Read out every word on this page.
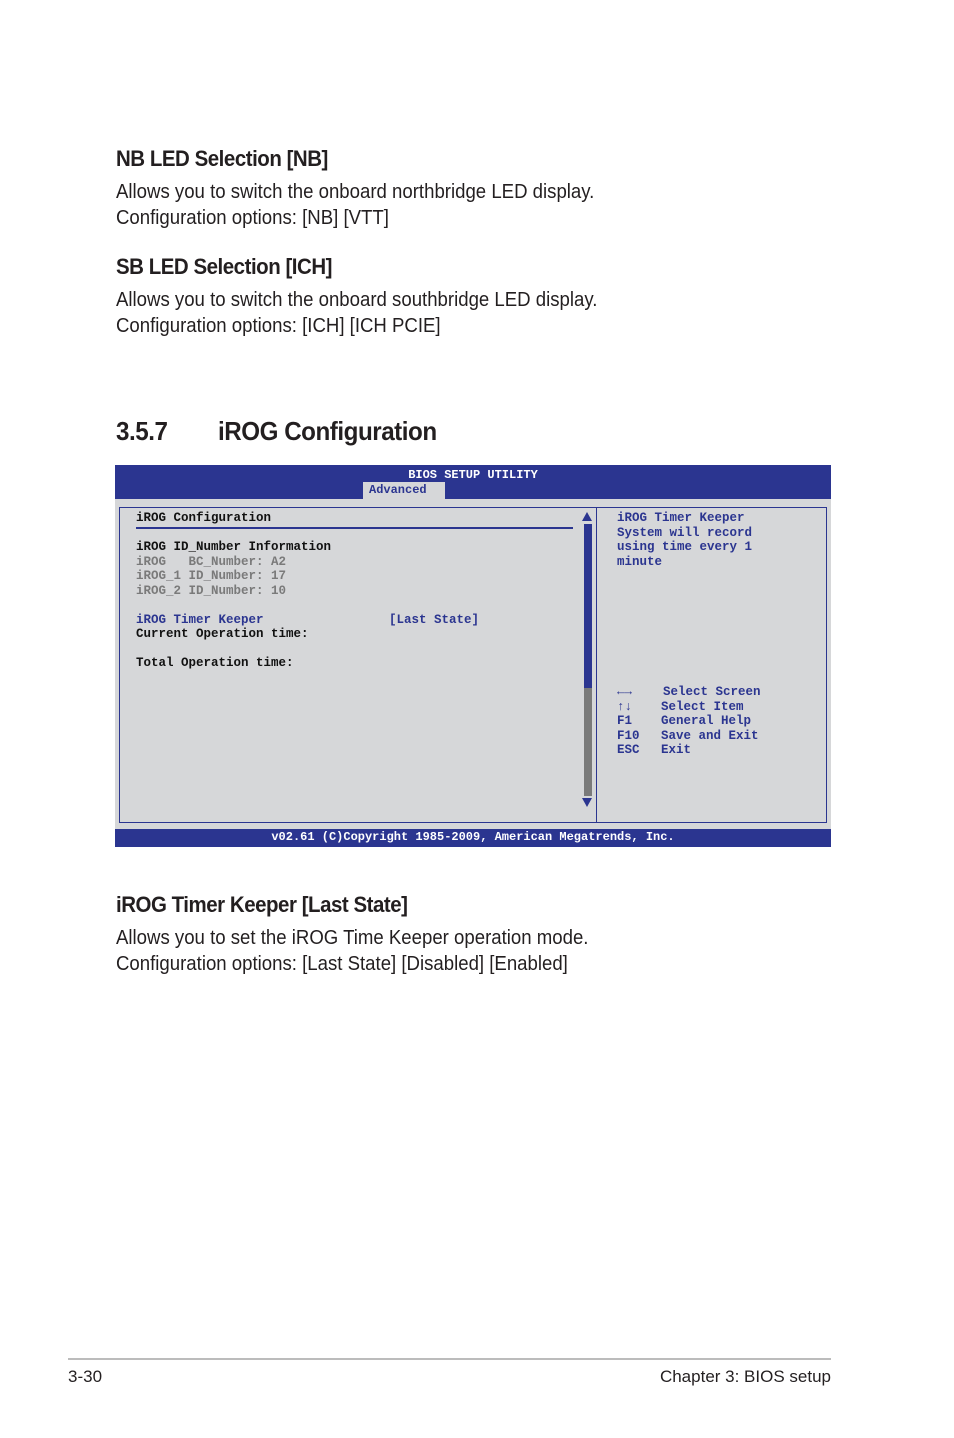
NB LED Selection [NB]

Allows you to switch the onboard northbridge LED display.

Configuration options: [NB] [VTT]

SB LED Selection [ICH]

Allows you to switch the onboard southbridge LED display.

Configuration options: [ICH] [ICH PCIE]

3.5.7 iROG Configuration
BIOS SETUP UTILITY
Advanced
iROG Configuration
iROG ID_Number Information
iROG   BC_Number: A2
iROG_1 ID_Number: 17
iROG_2 ID_Number: 10
iROG Timer Keeper	[Last State]
Current Operation time:
Total Operation time:
iROG Timer Keeper
System will record
using time every 1
minute
←→ Select Screen
↑↓ Select Item
F1 General Help
F10 Save and Exit
ESC Exit
v02.61 (C)Copyright 1985-2009, American Megatrends, Inc.
iROG Timer Keeper [Last State]

Allows you to set the iROG Time Keeper operation mode.

Configuration options: [Last State] [Disabled] [Enabled]

3-30	Chapter 3: BIOS setup
